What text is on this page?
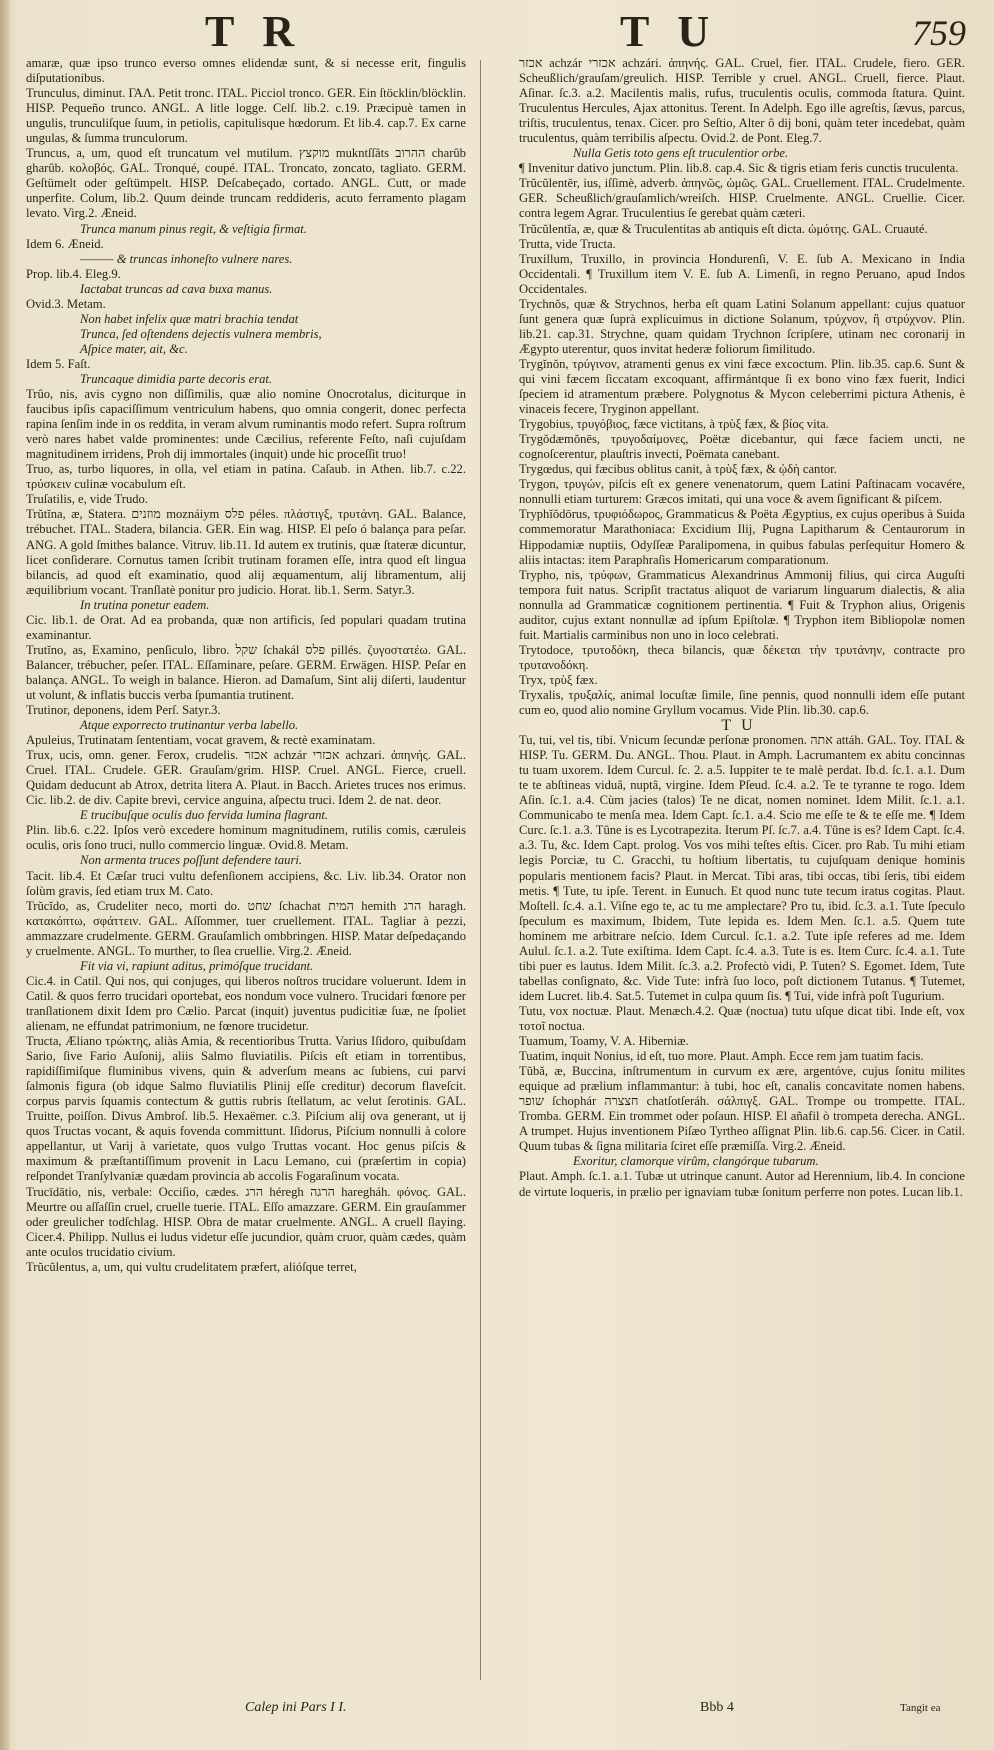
TR	TU	759

amaræ, quæ ipso trunco everso omnes elidendæ sunt, & si necesse erit, fingulis diſputationibus.

Trunculus, diminut. ΓΑΛ. Petit tronc. ITAL. Picciol tronco. GER. Ein ſtöcklin/blöcklin. HISP. Pequeño trunco. ANGL. A litle logge. Celſ. lib.2. c.19. Præcipuè tamen in ungulis, trunculiſque ſuum, in petiolis, capitulisque hœdorum. Et lib.4. cap.7. Ex carne ungulas, & ſumma trunculorum.

Truncus, a, um, quod eſt truncatum vel mutilum. מוקצץ mukntſſâts ההרוב charûb gharûb. κολοβός. GAL. Tronqué, coupé. ITAL. Troncato, zoncato, tagliato. GERM. Geſtümelt oder geſtümpelt. HISP. Deſcabeçado, cortado. ANGL. Cutt, or made unperfite. Colum, lib.2. Quum deinde truncam reddideris, acuto ferramento plagam levato. Virg.2. Æneid.

Trunca manum pinus regit, & veſtigia firmat.

Idem 6. Æneid.

——— & truncas inhoneſto vulnere nares.

Prop. lib.4. Eleg.9.

Iactabat truncas ad cava buxa manus.

Ovid.3. Metam.

Non habet infelix quæ matri brachia tendat

Trunca, ſed oſtendens dejectis vulnera membris,

Aſpice mater, ait, &c.

Idem 5. Faſt.

Truncaque dimidia parte decoris erat.

Trûo, nis, avis cygno non diſſimilis, quæ alio nomine Onocrotalus, diciturque in faucibus ipſis capaciſſimum ventriculum habens, quo omnia congerit, donec perfecta rapina ſenſim inde in os reddita, in veram alvum ruminantis modo refert. Supra roſtrum verò nares habet valde prominentes: unde Cæcilius, referente Feſto, naſi cujuſdam magnitudinem irridens, Proh dij immortales (inquit) unde hic proceſſit truo!

Truo, as, turbo liquores, in olla, vel etiam in patina. Caſaub. in Athen. lib.7. c.22. τρύσκειν culinæ vocabulum eſt.

Truſatilis, e, vide Trudo.

Trŭtĭna, æ, Statera. מוזנים moznáiym פלס péles. πλάστιγξ, τρυτάνη. GAL. Balance, trébuchet. ITAL. Stadera, bilancia. GER. Ein wag. HISP. El peſo ó balança para peſar. ANG. A gold ſmithes balance. Vitruv. lib.11. Id autem ex trutinis, quæ ſtateræ dicuntur, licet conſiderare. Cornutus tamen ſcribit trutinam foramen eſſe, intra quod eſt lingua bilancis, ad quod eſt examinatio, quod alij æquamentum, alij libramentum, alij æquilibrium vocant. Tranſlatè ponitur pro judicio. Horat. lib.1. Serm. Satyr.3.

In trutina ponetur eadem.

Cic. lib.1. de Orat. Ad ea probanda, quæ non artificis, ſed populari quadam trutina examinantur.

Trutĭno, as, Examino, penſiculo, libro. שקל ſchakál פלס pillés. ζυγοστατέω. GAL. Balancer, trébucher, peſer. ITAL. Eſſaminare, peſare. GERM. Erwägen. HISP. Peſar en balança. ANGL. To weigh in balance. Hieron. ad Damaſum, Sint alij diſerti, laudentur ut volunt, & inflatis buccis verba ſpumantia trutinent.

Trutinor, deponens, idem Perſ. Satyr.3.

Atque exporrecto trutinantur verba labello.

Apuleius, Trutinatam ſententiam, vocat gravem, & rectè examinatam.

Trux, ucis, omn. gener. Ferox, crudelis. אכזר achzár אכזרי achzari. ἀπηνής. GAL. Cruel. ITAL. Crudele. GER. Grauſam/grim. HISP. Cruel. ANGL. Fierce, cruell. Quidam deducunt ab Atrox, detrita litera A. Plaut. in Bacch. Arietes truces nos erimus. Cic. lib.2. de div. Capite brevi, cervice anguina, aſpectu truci. Idem 2. de nat. deor.

E trucibuſque oculis duo fervida lumina flagrant.

Plin. lib.6. c.22. Ipſos verò excedere hominum magnitudinem, rutilis comis, cæruleis oculis, oris ſono truci, nullo commercio linguæ. Ovid.8. Metam.

Non armenta truces poſſunt defendere tauri.

Tacit. lib.4. Et Cæſar truci vultu defenſionem accipiens, &c. Liv. lib.34. Orator non ſolùm gravis, ſed etiam trux M. Cato.

Trŭcĭdo, as, Crudeliter neco, morti do. שחט ſchachat המית hemith הרג haragh. κατακόπτω, σφάττειν. GAL. Aſſommer, tuer cruellement. ITAL. Tagliar à pezzi, ammazzare crudelmente. GERM. Grauſamlich ombbringen. HISP. Matar deſpedaçando y cruelmente. ANGL. To murther, to ſlea cruellie. Virg.2. Æneid.

Fit via vi, rapiunt aditus, primóſque trucidant.

Cic.4. in Catil. Qui nos, qui conjuges, qui liberos noſtros trucidare voluerunt. Idem in Catil. & quos ferro trucidari oportebat, eos nondum voce vulnero. Trucidari fœnore per tranſlationem dixit Idem pro Cælio. Parcat (inquit) juventus pudicitiæ ſuæ, ne ſpoliet alienam, ne effundat patrimonium, ne fœnore trucidetur.

Tructa, Æliano τρώκτης, aliàs Amia, & recentioribus Trutta. Varius Iſidoro, quibuſdam Sario, ſive Fario Auſonij, aliis Salmo fluviatilis. Piſcis eſt etiam in torrentibus, rapidiſſimiſque fluminibus vivens, quin & adverſum means ac ſubiens, cui parvi ſalmonis figura (ob idque Salmo fluviatilis Plinij eſſe creditur) decorum flaveſcit. corpus parvis ſquamis contectum & guttis rubris ſtellatum, ac velut ſerotinis. GAL. Truitte, poiſſon. Divus Ambroſ. lib.5. Hexaëmer. c.3. Piſcium alij ova generant, ut ij quos Tructas vocant, & aquis fovenda committunt. Iſidorus, Piſcium nonnulli à colore appellantur, ut Varij à varietate, quos vulgo Truttas vocant. Hoc genus piſcis & maximum & præſtantiſſimum provenit in Lacu Lemano, cui (præſertim in copia) reſpondet Tranſylvaniæ quædam provincia ab accolis Fogaraſinum vocata.

Trucīdātio, nis, verbale: Occiſio, cædes. הרג héregh הרגה haregháh. φόνος. GAL. Meurtre ou aſſaſſin cruel, cruelle tuerie. ITAL. Eſſo amazzare. GERM. Ein grauſammer oder greulicher todſchlag. HISP. Obra de matar cruelmente. ANGL. A cruell ſlaying. Cicer.4. Philipp. Nullus ei ludus videtur eſſe jucundior, quàm cruor, quàm cædes, quàm ante oculos trucidatio civium.

Trŭcŭlentus, a, um, qui vultu crudelitatem præfert, alióſque terret,

אכזר achzár אכזרי achzári. ἀπηνής. GAL. Cruel, fier. ITAL. Crudele, fiero. GER. Scheußlich/grauſam/greulich. HISP. Terrible y cruel. ANGL. Cruell, fierce. Plaut. Aſinar. ſc.3. a.2. Macilentis malis, rufus, truculentis oculis, commoda ſtatura. Quint. Truculentus Hercules, Ajax attonitus. Terent. In Adelph. Ego ille agreſtis, ſævus, parcus, triſtis, truculentus, tenax. Cicer. pro Seſtio, Alter ô dij boni, quàm teter incedebat, quàm truculentus, quàm terribilis aſpectu. Ovid.2. de Pont. Eleg.7.

Nulla Getis toto gens eſt truculentior orbe.

¶ Invenitur dativo junctum. Plin. lib.8. cap.4. Sic & tigris etiam feris cunctis truculenta.

Trŭcŭlentĕr, ius, iſſimè, adverb. ἀπηνῶς, ὠμῶς. GAL. Cruellement. ITAL. Crudelmente. GER. Scheußlich/grauſamlich/wreiſch. HISP. Cruelmente. ANGL. Cruellie. Cicer. contra legem Agrar. Truculentius ſe gerebat quàm cæteri.

Trŭcŭlentĭa, æ, quæ & Truculentitas ab antiquis eſt dicta. ὠμότης. GAL. Cruauté.

Trutta, vide Tructa.

Truxillum, Truxillo, in provincia Hondurenſi, V. E. ſub A. Mexicano in India Occidentali. ¶ Truxillum item V. E. ſub A. Limenſi, in regno Peruano, apud Indos Occidentales.

Trychnŏs, quæ & Strychnos, herba eſt quam Latini Solanum appellant: cujus quatuor ſunt genera quæ ſuprà explicuimus in dictione Solanum, τρύχνον, ἢ στρύχνον. Plin. lib.21. cap.31. Strychne, quam quidam Trychnon ſcripſere, utinam nec coronarij in Ægypto uterentur, quos invitat hederæ foliorum ſimilitudo.

Trygĭnŏn, τρύγινον, atramenti genus ex vini fæce excoctum. Plin. lib.35. cap.6. Sunt & qui vini fæcem ſiccatam excoquant, affirmántque ſi ex bono vino fæx fuerit, Indici ſpeciem id atramentum præbere. Polygnotus & Mycon celeberrimi pictura Athenis, è vinaceis fecere, Tryginon appellant.

Trygobius, τρυγόβιος, fæce victitans, à τρὺξ fæx, & βίος vita.

Trygŏdæmŏnēs, τρυγοδαίμονες, Poëtæ dicebantur, qui fæce faciem uncti, ne cognoſcerentur, plauſtris invecti, Poëmata canebant.

Trygœdus, qui fæcibus oblitus canit, à τρὺξ fæx, & ᾠδὴ cantor.

Trygon, τρυγών, piſcis eſt ex genere venenatorum, quem Latini Paſtinacam vocavére, nonnulli etiam turturem: Græcos imitati, qui una voce & avem ſignificant & piſcem.

Tryphĭŏdōrus, τρυφιόδωρος, Grammaticus & Poëta Ægyptius, ex cujus operibus à Suida commemoratur Marathoniaca: Excidium Ilij, Pugna Lapitharum & Centaurorum in Hippodamiæ nuptiis, Odyſſeæ Paralipomena, in quibus fabulas perſequitur Homero & aliis intactas: item Paraphraſis Homericarum comparationum.

Trypho, nis, τρύφων, Grammaticus Alexandrinus Ammonij filius, qui circa Auguſti tempora fuit natus. Scripſit tractatus aliquot de variarum linguarum dialectis, & alia nonnulla ad Grammaticæ cognitionem pertinentia. ¶ Fuit & Tryphon alius, Origenis auditor, cujus extant nonnullæ ad ipſum Epiſtolæ. ¶ Tryphon item Bibliopolæ nomen fuit. Martialis carminibus non uno in loco celebrati.

Trytodoce, τρυτοδόκη, theca bilancis, quæ δέκεται τὴν τρυτάνην, contracte pro τρυτανοδόκη.

Tryx, τρὺξ fæx.

Tryxalis, τρυξαλίς, animal locuſtæ ſimile, ſine pennis, quod nonnulli idem eſſe putant cum eo, quod alio nomine Gryllum vocamus. Vide Plin. lib.30. cap.6.

TU

Tu, tui, vel tis, tibi. Vnicum ſecundæ perſonæ pronomen. אתה attáh. GAL. Toy. ITAL & HISP. Tu. GERM. Du. ANGL. Thou. Plaut. in Amph. Lacrumantem ex abitu concinnas tu tuam uxorem. Idem Curcul. ſc. 2. a.5. Iuppiter te te malè perdat. Ib.d. ſc.1. a.1. Dum te te abſtineas viduâ, nuptâ, virgine. Idem Pſeud. ſc.4. a.2. Te te tyranne te rogo. Idem Aſin. ſc.1. a.4. Cùm jacies (talos) Te ne dicat, nomen nominet. Idem Milit. ſc.1. a.1. Communicabo te menſa mea. Idem Capt. ſc.1. a.4. Scio me eſſe te & te eſſe me. ¶ Idem Curc. ſc.1. a.3. Tûne is es Lycotrapezita. Iterum Pſ. ſc.7. a.4. Tûne is es? Idem Capt. ſc.4. a.3. Tu, &c. Idem Capt. prolog. Vos vos mihi teſtes eſtis. Cicer. pro Rab. Tu mihi etiam legis Porciæ, tu C. Gracchi, tu hoſtium libertatis, tu cujuſquam denique hominis popularis mentionem facis? Plaut. in Mercat. Tibi aras, tibi occas, tibi ſeris, tibi eidem metis. ¶ Tute, tu ipſe. Terent. in Eunuch. Et quod nunc tute tecum iratus cogitas. Plaut. Moſtell. ſc.4. a.1. Viſne ego te, ac tu me amplectare? Pro tu, ibid. ſc.3. a.1. Tute ſpeculo ſpeculum es maximum, Ibidem, Tute lepida es. Idem Men. ſc.1. a.5. Quem tute hominem me arbitrare neſcio. Idem Curcul. ſc.1. a.2. Tute ipſe referes ad me. Idem Aulul. ſc.1. a.2. Tute exiſtima. Idem Capt. ſc.4. a.3. Tute is es. Item Curc. ſc.4. a.1. Tute tibi puer es lautus. Idem Milit. ſc.3. a.2. Profectò vidi, P. Tuten? S. Egomet. Idem, Tute tabellas conſignato, &c. Vide Tute: infrà ſuo loco, poſt dictionem Tutanus. ¶ Tutemet, idem Lucret. lib.4. Sat.5. Tutemet in culpa quum ſis. ¶ Tui, vide infrà poſt Tugurium.

Tutu, vox noctuæ. Plaut. Menæch.4.2. Quæ (noctua) tutu uſque dicat tibi. Inde eſt, vox τοτοῖ noctua.

Tuamum, Toamy, V. A. Hiberniæ.

Tuatim, inquit Nonius, id eſt, tuo more. Plaut. Amph. Ecce rem jam tuatim facis.

Tŭbă, æ, Buccina, inſtrumentum in curvum ex ære, argentóve, cujus ſonitu milites equique ad prælium inflammantur: à tubi, hoc eſt, canalis concavitate nomen habens. שופר ſchophár חצצרה chatſotſeráh. σάλπιγξ. GAL. Trompe ou trompette. ITAL. Tromba. GERM. Ein trommet oder poſaun. HISP. El añafil ò trompeta derecha. ANGL. A trumpet. Hujus inventionem Piſæo Tyrtheo aſſignat Plin. lib.6. cap.56. Cicer. in Catil. Quum tubas & ſigna militaria ſciret eſſe præmiſſa. Virg.2. Æneid.

Exoritur, clamorque virûm, clangórque tubarum.

Plaut. Amph. ſc.1. a.1. Tubæ ut utrinque canunt. Autor ad Herennium, lib.4. In concione de virtute loqueris, in prælio per ignaviam tubæ ſonitum perferre non potes. Lucan lib.1.

Calep ini Pars I I.	Bbb 4	Tangit ea
